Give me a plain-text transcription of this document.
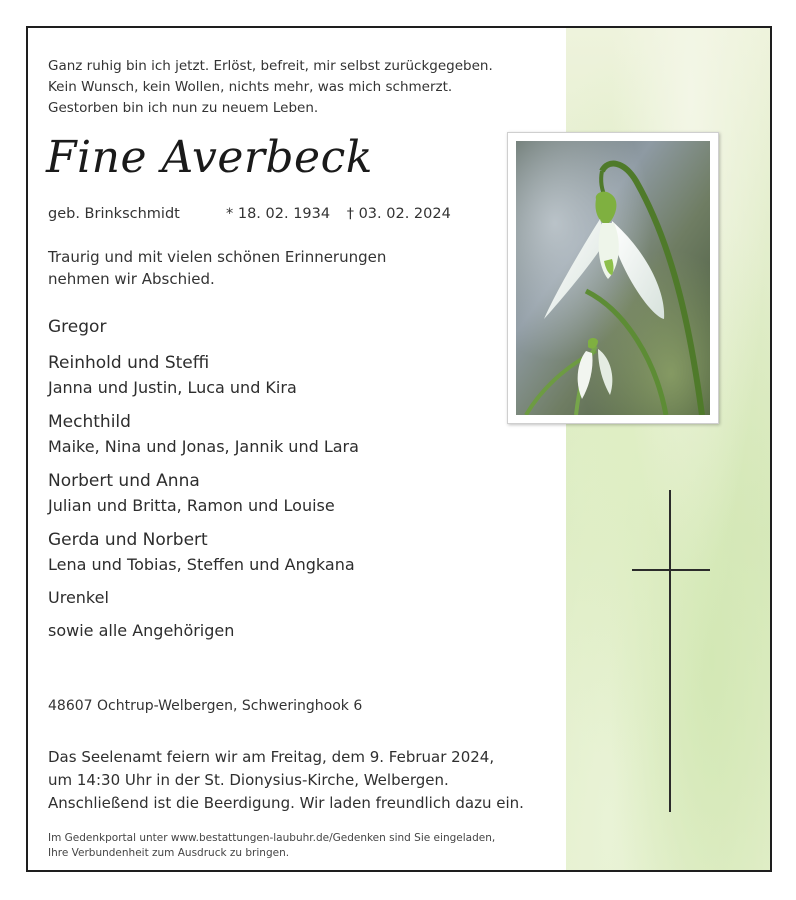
Ganz ruhig bin ich jetzt. Erlöst, befreit, mir selbst zurückgegeben.
Kein Wunsch, kein Wollen, nichts mehr, was mich schmerzt.
Gestorben bin ich nun zu neuem Leben.
Fine Averbeck
geb. Brinkschmidt	* 18. 02. 1934 † 03. 02. 2024
Traurig und mit vielen schönen Erinnerungen
nehmen wir Abschied.
Gregor
Reinhold und Steffi
Janna und Justin, Luca und Kira
Mechthild
Maike, Nina und Jonas, Jannik und Lara
Norbert und Anna
Julian und Britta, Ramon und Louise
Gerda und Norbert
Lena und Tobias, Steffen und Angkana
Urenkel
sowie alle Angehörigen
48607 Ochtrup-Welbergen, Schweringhook 6
Das Seelenamt feiern wir am Freitag, dem 9. Februar 2024,
um 14:30 Uhr in der St. Dionysius-Kirche, Welbergen.
Anschließend ist die Beerdigung. Wir laden freundlich dazu ein.
Im Gedenkportal unter www.bestattungen-laubuhr.de/Gedenken sind Sie eingeladen,
Ihre Verbundenheit zum Ausdruck zu bringen.
